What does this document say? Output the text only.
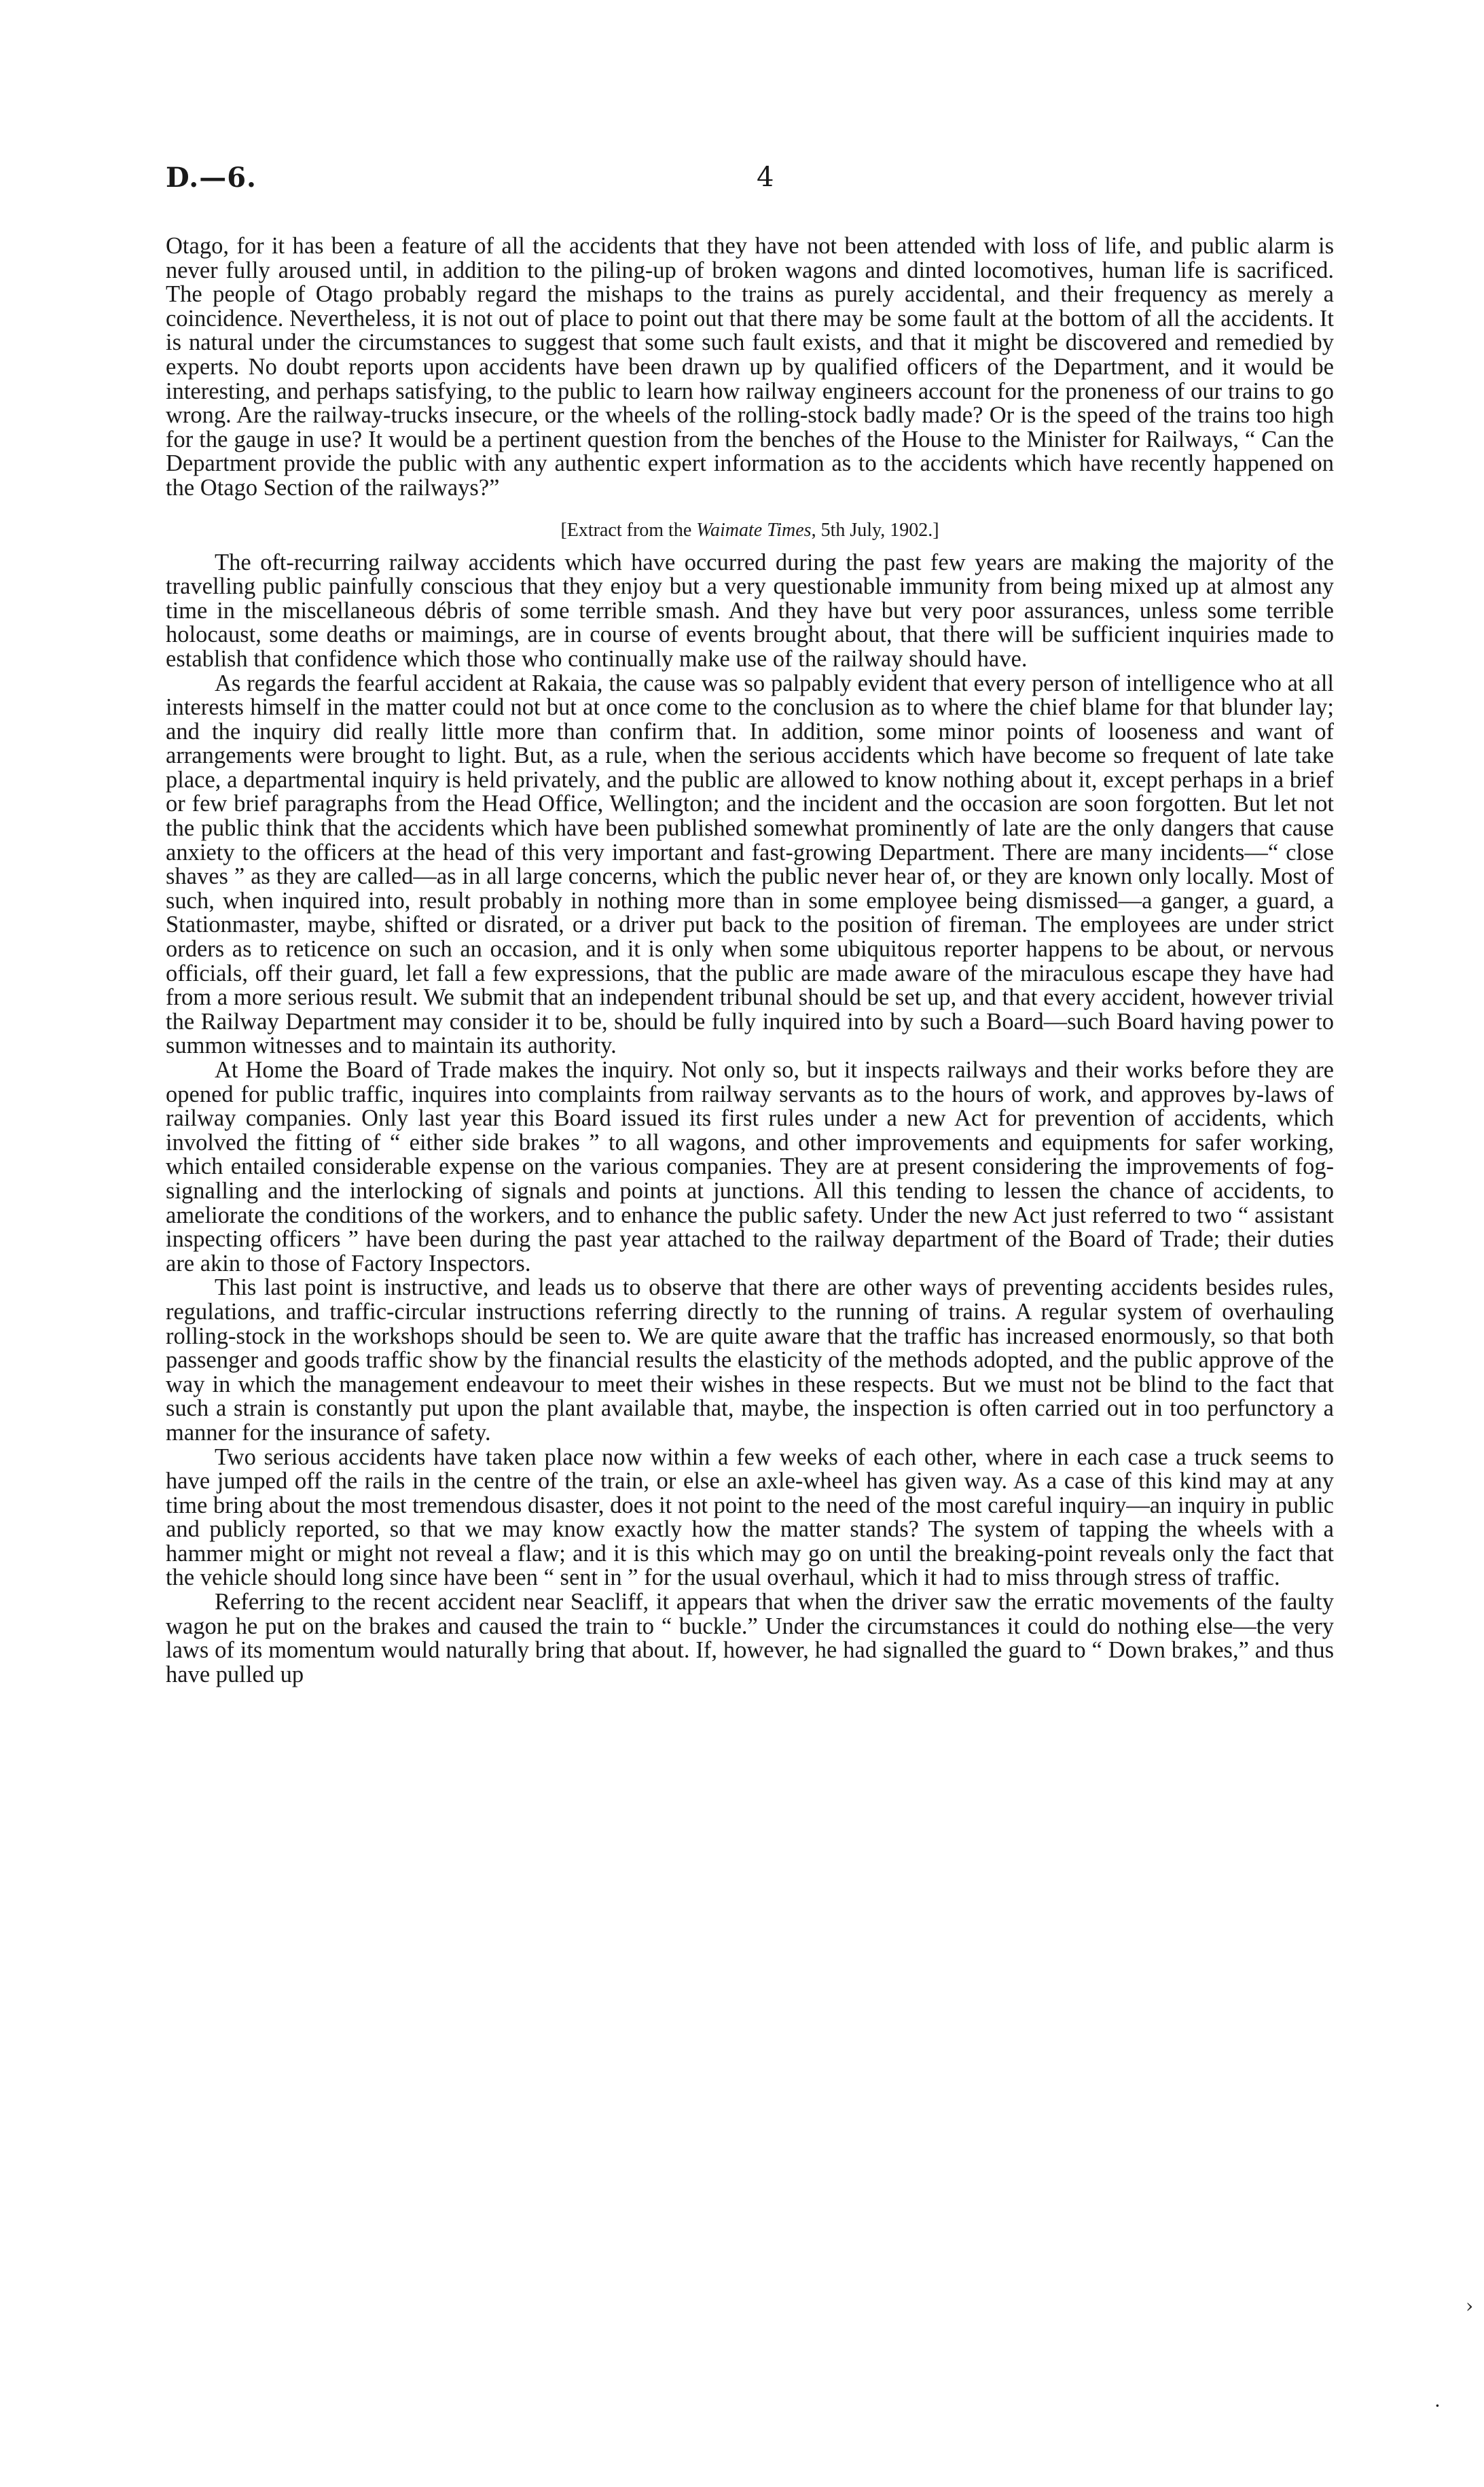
D.—6.	4

Otago, for it has been a feature of all the accidents that they have not been attended with loss of life, and public alarm is never fully aroused until, in addition to the piling-up of broken wagons and dinted locomotives, human life is sacrificed. The people of Otago probably regard the mishaps to the trains as purely accidental, and their frequency as merely a coincidence. Nevertheless, it is not out of place to point out that there may be some fault at the bottom of all the accidents. It is natural under the circumstances to suggest that some such fault exists, and that it might be discovered and remedied by experts. No doubt reports upon accidents have been drawn up by qualified officers of the Department, and it would be interesting, and perhaps satisfying, to the public to learn how railway engineers account for the proneness of our trains to go wrong. Are the railway-trucks insecure, or the wheels of the rolling-stock badly made? Or is the speed of the trains too high for the gauge in use? It would be a pertinent question from the benches of the House to the Minister for Railways, “ Can the Department provide the public with any authentic expert information as to the accidents which have recently happened on the Otago Section of the railways?”

[Extract from the Waimate Times, 5th July, 1902.]

The oft-recurring railway accidents which have occurred during the past few years are making the majority of the travelling public painfully conscious that they enjoy but a very questionable immunity from being mixed up at almost any time in the miscellaneous débris of some terrible smash. And they have but very poor assurances, unless some terrible holocaust, some deaths or maimings, are in course of events brought about, that there will be sufficient inquiries made to establish that confidence which those who continually make use of the railway should have.

As regards the fearful accident at Rakaia, the cause was so palpably evident that every person of intelligence who at all interests himself in the matter could not but at once come to the conclusion as to where the chief blame for that blunder lay; and the inquiry did really little more than confirm that. In addition, some minor points of looseness and want of arrangements were brought to light. But, as a rule, when the serious accidents which have become so frequent of late take place, a departmental inquiry is held privately, and the public are allowed to know nothing about it, except perhaps in a brief or few brief paragraphs from the Head Office, Wellington; and the incident and the occasion are soon forgotten. But let not the public think that the accidents which have been published somewhat prominently of late are the only dangers that cause anxiety to the officers at the head of this very important and fast-growing Department. There are many incidents—“ close shaves ” as they are called—as in all large concerns, which the public never hear of, or they are known only locally. Most of such, when inquired into, result probably in nothing more than in some employee being dismissed—a ganger, a guard, a Stationmaster, maybe, shifted or disrated, or a driver put back to the position of fireman. The employees are under strict orders as to reticence on such an occasion, and it is only when some ubiquitous reporter happens to be about, or nervous officials, off their guard, let fall a few expressions, that the public are made aware of the miraculous escape they have had from a more serious result. We submit that an independent tribunal should be set up, and that every accident, however trivial the Railway Department may consider it to be, should be fully inquired into by such a Board—such Board having power to summon witnesses and to maintain its authority.

At Home the Board of Trade makes the inquiry. Not only so, but it inspects railways and their works before they are opened for public traffic, inquires into complaints from railway servants as to the hours of work, and approves by-laws of railway companies. Only last year this Board issued its first rules under a new Act for prevention of accidents, which involved the fitting of “ either side brakes ” to all wagons, and other improvements and equipments for safer working, which entailed considerable expense on the various companies. They are at present considering the improvements of fog-signalling and the interlocking of signals and points at junctions. All this tending to lessen the chance of accidents, to ameliorate the conditions of the workers, and to enhance the public safety. Under the new Act just referred to two “ assistant inspecting officers ” have been during the past year attached to the railway department of the Board of Trade; their duties are akin to those of Factory Inspectors.

This last point is instructive, and leads us to observe that there are other ways of preventing accidents besides rules, regulations, and traffic-circular instructions referring directly to the running of trains. A regular system of overhauling rolling-stock in the workshops should be seen to. We are quite aware that the traffic has increased enormously, so that both passenger and goods traffic show by the financial results the elasticity of the methods adopted, and the public approve of the way in which the management endeavour to meet their wishes in these respects. But we must not be blind to the fact that such a strain is constantly put upon the plant available that, maybe, the inspection is often carried out in too perfunctory a manner for the insurance of safety.

Two serious accidents have taken place now within a few weeks of each other, where in each case a truck seems to have jumped off the rails in the centre of the train, or else an axle-wheel has given way. As a case of this kind may at any time bring about the most tremendous disaster, does it not point to the need of the most careful inquiry—an inquiry in public and publicly reported, so that we may know exactly how the matter stands? The system of tapping the wheels with a hammer might or might not reveal a flaw; and it is this which may go on until the breaking-point reveals only the fact that the vehicle should long since have been “ sent in ” for the usual overhaul, which it had to miss through stress of traffic.

Referring to the recent accident near Seacliff, it appears that when the driver saw the erratic movements of the faulty wagon he put on the brakes and caused the train to “ buckle.” Under the circumstances it could do nothing else—the very laws of its momentum would naturally bring that about. If, however, he had signalled the guard to “ Down brakes,” and thus have pulled up

›
·
